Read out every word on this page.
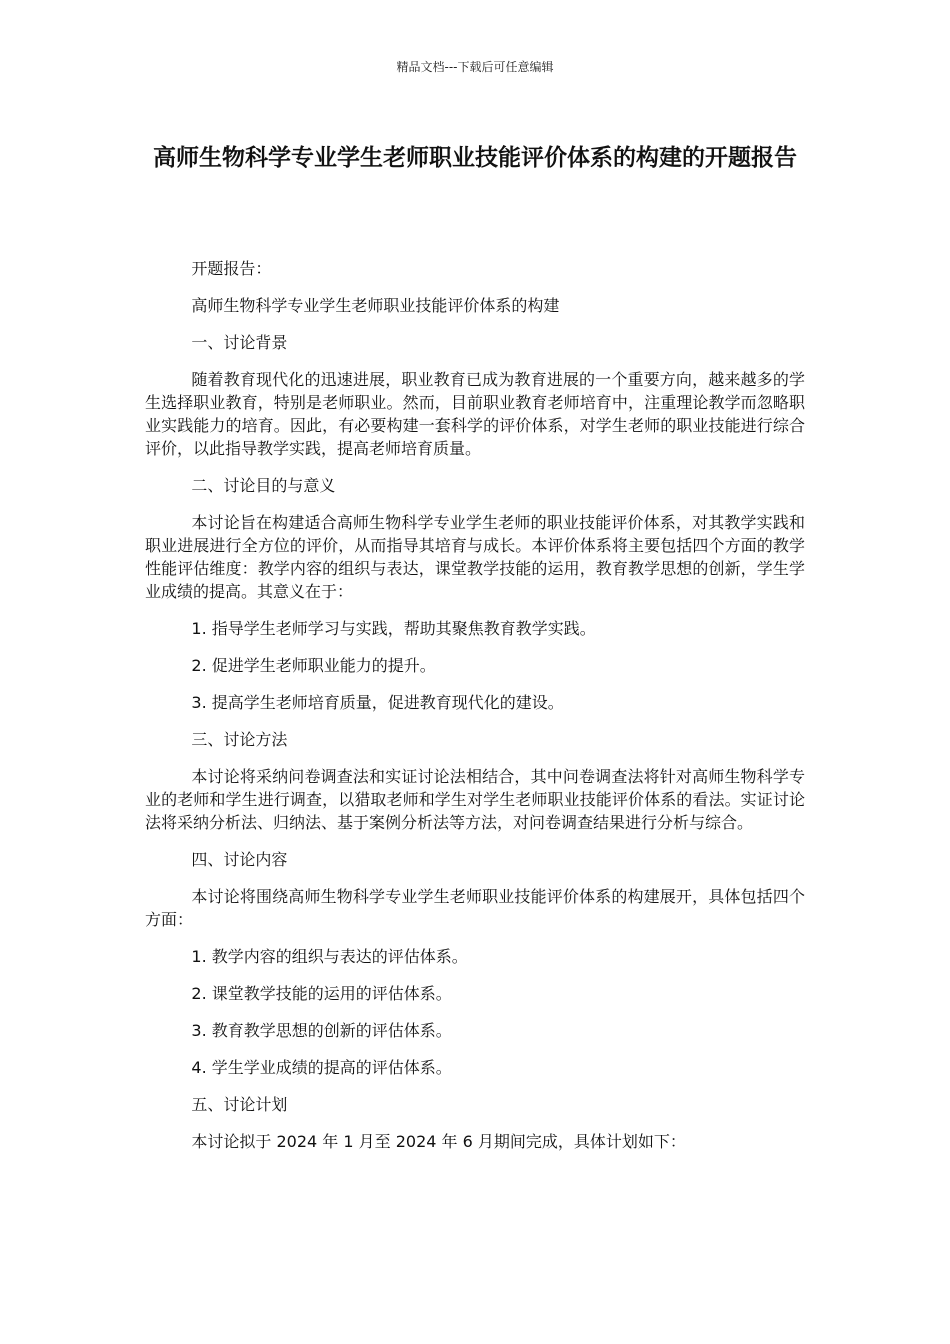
精品文档---下载后可任意编辑
高师生物科学专业学生老师职业技能评价体系的构建的开题报告

开题报告：

高师生物科学专业学生老师职业技能评价体系的构建

一、讨论背景

随着教育现代化的迅速进展，职业教育已成为教育进展的一个重要方向，越来越多的学生选择职业教育，特别是老师职业。然而，目前职业教育老师培育中，注重理论教学而忽略职业实践能力的培育。因此，有必要构建一套科学的评价体系，对学生老师的职业技能进行综合评价，以此指导教学实践，提高老师培育质量。

二、讨论目的与意义

本讨论旨在构建适合高师生物科学专业学生老师的职业技能评价体系，对其教学实践和职业进展进行全方位的评价，从而指导其培育与成长。本评价体系将主要包括四个方面的教学性能评估维度：教学内容的组织与表达，课堂教学技能的运用，教育教学思想的创新，学生学业成绩的提高。其意义在于：

1. 指导学生老师学习与实践，帮助其聚焦教育教学实践。

2. 促进学生老师职业能力的提升。

3. 提高学生老师培育质量，促进教育现代化的建设。

三、讨论方法

本讨论将采纳问卷调查法和实证讨论法相结合，其中问卷调查法将针对高师生物科学专业的老师和学生进行调查，以猎取老师和学生对学生老师职业技能评价体系的看法。实证讨论法将采纳分析法、归纳法、基于案例分析法等方法，对问卷调查结果进行分析与综合。

四、讨论内容

本讨论将围绕高师生物科学专业学生老师职业技能评价体系的构建展开，具体包括四个方面：

1. 教学内容的组织与表达的评估体系。

2. 课堂教学技能的运用的评估体系。

3. 教育教学思想的创新的评估体系。

4. 学生学业成绩的提高的评估体系。

五、讨论计划

本讨论拟于 2024 年 1 月至 2024 年 6 月期间完成，具体计划如下：
